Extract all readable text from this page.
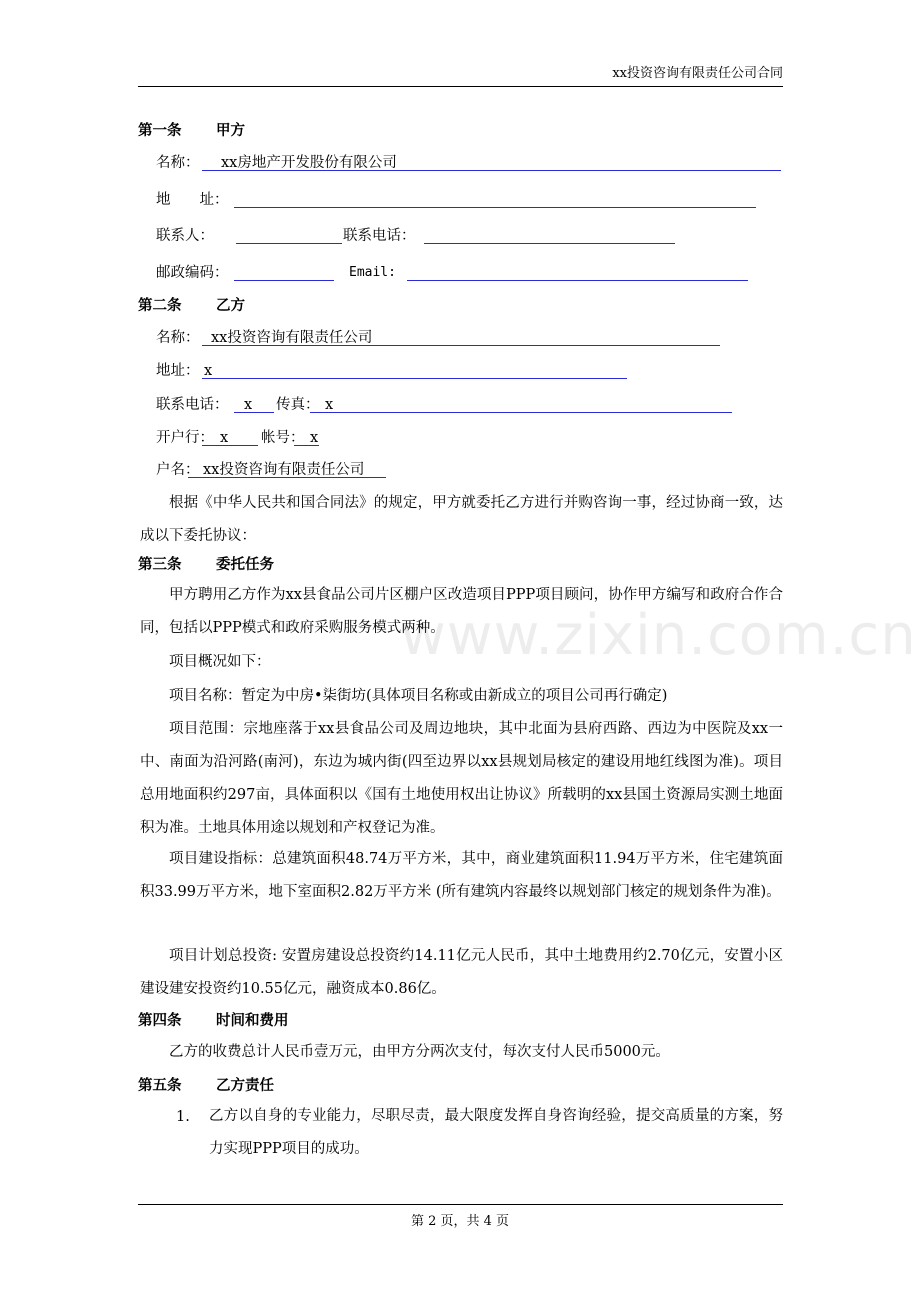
xx投资咨询有限责任公司合同
www.zixin.com.cn
第一条 甲方
名称： xx房地产开发股份有限公司
地　　址：
联系人：	联系电话：
邮政编码：	Email:
第二条 乙方
名称： xx投资咨询有限责任公司
地址： x
联系电话： x 传真： x
开户行： x 帐号： x
户名： xx投资咨询有限责任公司
根据《中华人民共和国合同法》的规定，甲方就委托乙方进行并购咨询一事，经过协商一致，达成以下委托协议：
第三条 委托任务
甲方聘用乙方作为xx县食品公司片区棚户区改造项目PPP项目顾问，协作甲方编写和政府合作合同，包括以PPP模式和政府采购服务模式两种。
项目概况如下：
项目名称：暂定为中房•柒街坊(具体项目名称或由新成立的项目公司再行确定)
项目范围：宗地座落于xx县食品公司及周边地块，其中北面为县府西路、西边为中医院及xx一中、南面为沿河路(南河)，东边为城内街(四至边界以xx县规划局核定的建设用地红线图为准)。项目总用地面积约297亩，具体面积以《国有土地使用权出让协议》所载明的xx县国土资源局实测土地面积为准。土地具体用途以规划和产权登记为准。
项目建设指标：总建筑面积48.74万平方米，其中，商业建筑面积11.94万平方米，住宅建筑面积33.99万平方米，地下室面积2.82万平方米 (所有建筑内容最终以规划部门核定的规划条件为准)。
项目计划总投资: 安置房建设总投资约14.11亿元人民币，其中土地费用约2.70亿元，安置小区建设建安投资约10.55亿元，融资成本0.86亿。
第四条 时间和费用
乙方的收费总计人民币壹万元，由甲方分两次支付，每次支付人民币5000元。
第五条 乙方责任
1. 乙方以自身的专业能力，尽职尽责，最大限度发挥自身咨询经验，提交高质量的方案，努力实现PPP项目的成功。
第 2 页，共 4 页
